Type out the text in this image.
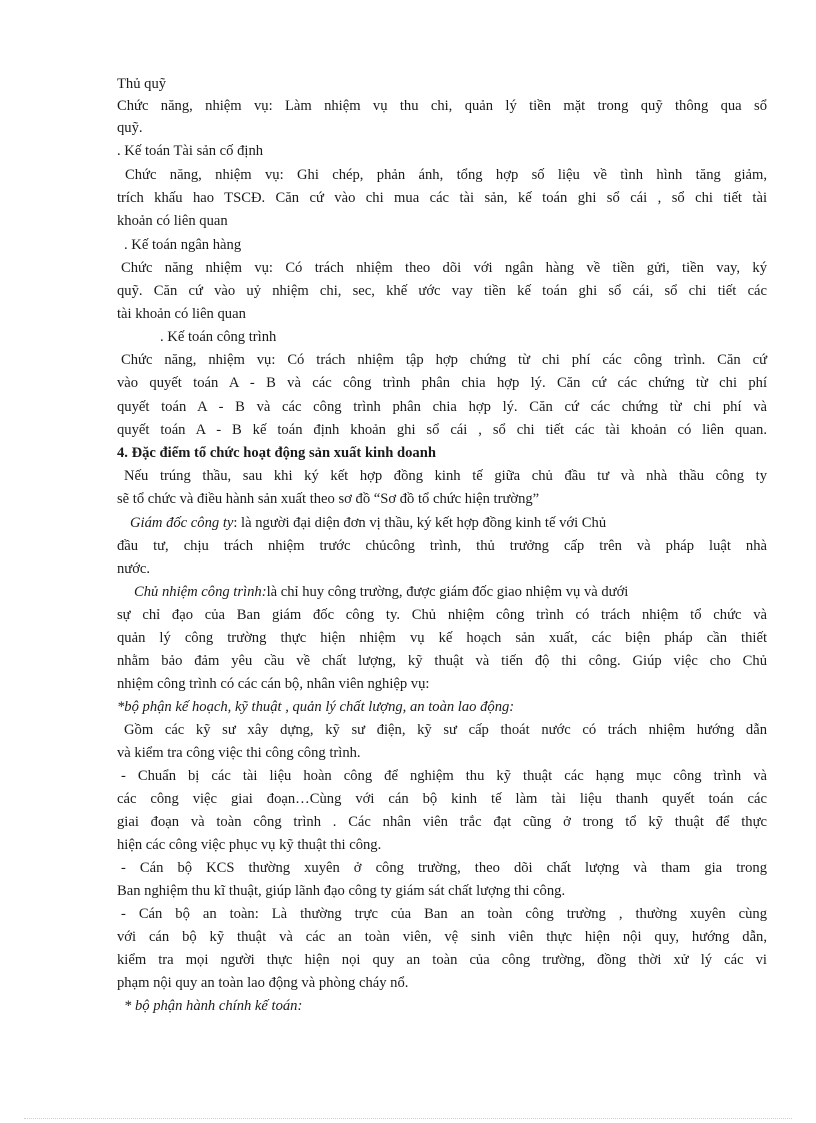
Thủ quỹ
Chức năng, nhiệm vụ: Làm nhiệm vụ thu chi, quản lý tiền mặt trong quỹ thông qua sổ
quỹ.
. Kế toán Tài sản cố định
Chức năng, nhiệm vụ: Ghi chép, phản ánh, tổng hợp số liệu về tình hình tăng giảm,
trích khấu hao TSCĐ. Căn cứ vào chi mua các tài sản, kế toán ghi sổ cái , sổ chi tiết tài
khoản có liên quan
. Kế toán ngân hàng
Chức năng nhiệm vụ: Có trách nhiệm theo dõi với ngân hàng về tiền gửi, tiền vay, ký
quỹ. Căn cứ vào uỷ nhiệm chi, sec, khế ước vay tiền kế toán ghi sổ cái, sổ chi tiết các
tài khoản có liên quan
. Kế toán công trình
Chức năng, nhiệm vụ: Có trách nhiệm tập hợp chứng từ chi phí các công trình. Căn cứ
vào quyết toán A - B và các công trình phân chia hợp lý. Căn cứ các chứng từ chi phí
quyết toán A - B và các công trình phân chia hợp lý. Căn cứ các chứng từ chi phí và
quyết toán A - B kế toán định khoản ghi sổ cái , sổ chi tiết các tài khoản có liên quan.
4. Đặc điểm tổ chức hoạt động sản xuất kinh doanh
Nếu trúng thầu, sau khi ký kết hợp đồng kinh tế giữa chủ đầu tư và nhà thầu công ty
sẽ tổ chức và điều hành sản xuất theo sơ đồ “Sơ đồ tổ chức hiện trường”
Giám đốc công ty: là người đại diện đơn vị thầu, ký kết hợp đồng kinh tế với Chủ
đầu tư, chịu trách nhiệm trước chủcông trình, thủ trưởng cấp trên và pháp luật nhà
nước.
Chủ nhiệm công trình:là chỉ huy công trường, được giám đốc giao nhiệm vụ và dưới
sự chỉ đạo của Ban giám đốc công ty. Chủ nhiệm công trình có trách nhiệm tổ chức và
quản lý công trường thực hiện nhiệm vụ kế hoạch sản xuất, các biện pháp cần thiết
nhằm bảo đảm yêu cầu về chất lượng, kỹ thuật và tiến độ thi công. Giúp việc cho Chủ
nhiệm công trình có các cán bộ, nhân viên nghiệp vụ:
*bộ phận kế hoạch, kỹ thuật , quản lý chất lượng, an toàn lao động:
Gồm các kỹ sư xây dựng, kỹ sư điện, kỹ sư cấp thoát nước có trách nhiệm hướng dẫn
và kiểm tra công việc thi công công trình.
- Chuẩn bị các tài liệu hoàn công để nghiệm thu kỹ thuật các hạng mục công trình và
các công việc giai đoạn…Cùng với cán bộ kinh tế làm tài liệu thanh quyết toán các
giai đoạn và toàn công trình . Các nhân viên trắc đạt cũng ở trong tổ kỹ thuật để thực
hiện các công việc phục vụ kỹ thuật thi công.
- Cán bộ KCS thường xuyên ở công trường, theo dõi chất lượng và tham gia trong
Ban nghiệm thu kĩ thuật, giúp lãnh đạo công ty giám sát chất lượng thi công.
- Cán bộ an toàn: Là thường trực của Ban an toàn công trường , thường xuyên cùng
với cán bộ kỹ thuật và các an toàn viên, vệ sinh viên thực hiện nội quy, hướng dẫn,
kiểm tra mọi người thực hiện nọi quy an toàn của công trường, đồng thời xử lý các vi
phạm nội quy an toàn lao động và phòng cháy nổ.
* bộ phận hành chính kế toán:
